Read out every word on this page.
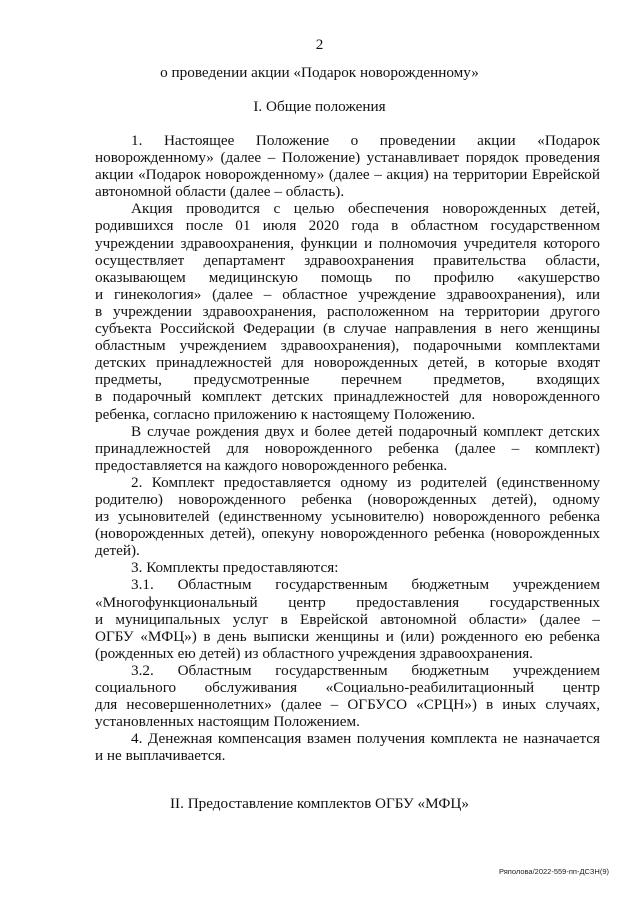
2
о проведении акции «Подарок новорожденному»
I. Общие положения

1. Настоящее Положение о проведении акции «Подарок
новорожденному» (далее – Положение) устанавливает порядок проведения
акции «Подарок новорожденному» (далее – акция) на территории Еврейской
автономной области (далее – область).

Акция проводится с целью обеспечения новорожденных детей,
родившихся после 01 июля 2020 года в областном государственном
учреждении здравоохранения, функции и полномочия учредителя которого
осуществляет департамент здравоохранения правительства области,
оказывающем медицинскую помощь по профилю «акушерство
и гинекология» (далее – областное учреждение здравоохранения), или
в учреждении здравоохранения, расположенном на территории другого
субъекта Российской Федерации (в случае направления в него женщины
областным учреждением здравоохранения), подарочными комплектами
детских принадлежностей для новорожденных детей, в которые входят
предметы, предусмотренные перечнем предметов, входящих
в подарочный комплект детских принадлежностей для новорожденного
ребенка, согласно приложению к настоящему Положению.

В случае рождения двух и более детей подарочный комплект детских
принадлежностей для новорожденного ребенка (далее – комплект)
предоставляется на каждого новорожденного ребенка.

2. Комплект предоставляется одному из родителей (единственному
родителю) новорожденного ребенка (новорожденных детей), одному
из усыновителей (единственному усыновителю) новорожденного ребенка
(новорожденных детей), опекуну новорожденного ребенка (новорожденных
детей).

3. Комплекты предоставляются:

3.1. Областным государственным бюджетным учреждением
«Многофункциональный центр предоставления государственных
и муниципальных услуг в Еврейской автономной области» (далее –
ОГБУ «МФЦ») в день выписки женщины и (или) рожденного ею ребенка
(рожденных ею детей) из областного учреждения здравоохранения.

3.2. Областным государственным бюджетным учреждением
социального обслуживания «Социально-реабилитационный центр
для несовершеннолетних» (далее – ОГБУСО «СРЦН») в иных случаях,
установленных настоящим Положением.

4. Денежная компенсация взамен получения комплекта не назначается
и не выплачивается.

II. Предоставление комплектов ОГБУ «МФЦ»
Ряполова/2022-559-пп-ДСЗН(9)
